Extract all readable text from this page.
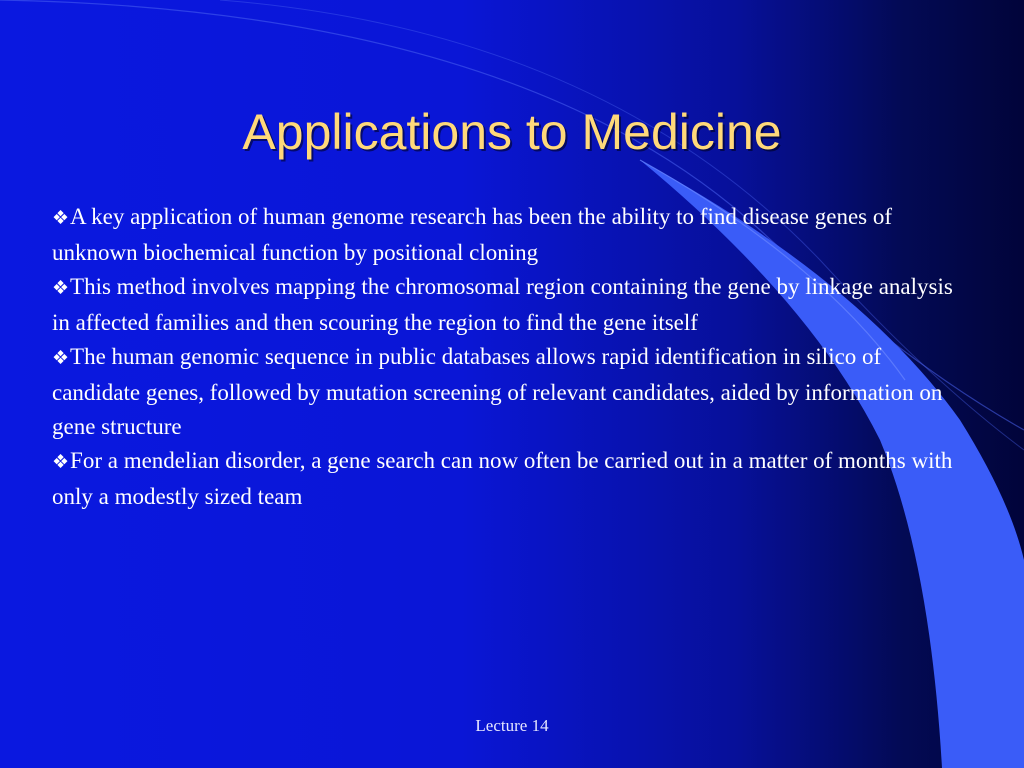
Applications to Medicine
❖A key application of human genome research has been the ability to find disease genes of unknown biochemical function by positional cloning
❖This method involves mapping the chromosomal region containing the gene by linkage analysis in affected families and then scouring the region to find the gene itself
❖The human genomic sequence in public databases allows rapid identification in silico of candidate genes, followed by mutation screening of relevant candidates, aided by information on gene structure
❖For a mendelian disorder, a gene search can now often be carried out in a matter of months with only a modestly sized team
Lecture 14
